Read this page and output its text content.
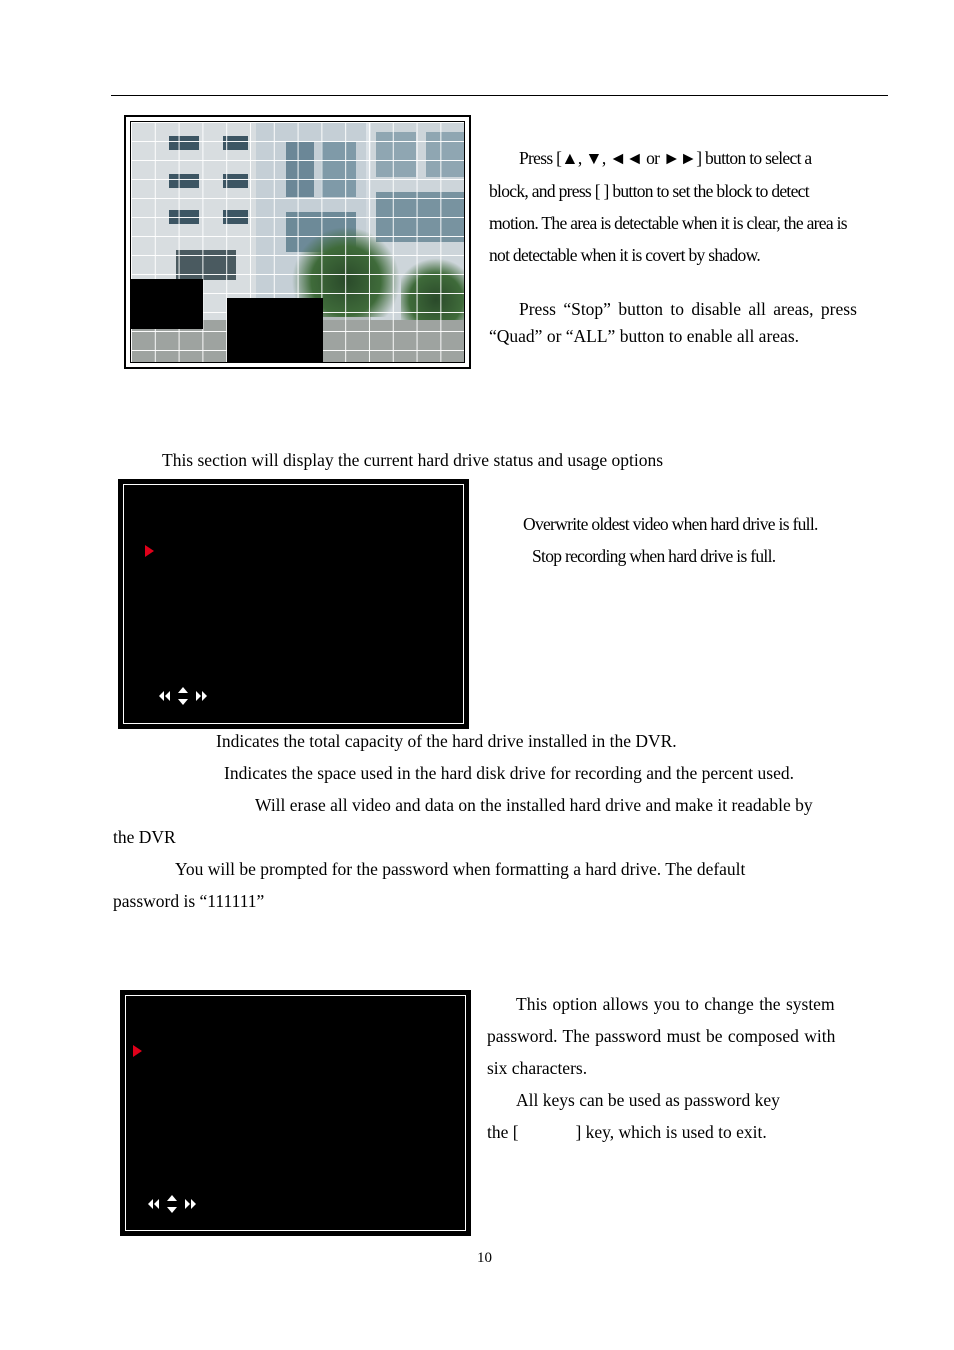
Press [▲, ▼, ◄◄ or ►►] button to select a

block, and press [ ] button to set the block to detect

motion. The area is detectable when it is clear, the area is

not detectable when it is covert by shadow.

Press “Stop” button to disable all areas, press

“Quad” or “ALL” button to enable all areas.

This section will display the current hard drive status and usage options

Overwrite oldest video when hard drive is full.

Stop recording when hard drive is full.

Indicates the total capacity of the hard drive installed in the DVR.

Indicates the space used in the hard disk drive for recording and the percent used.

Will erase all video and data on the installed hard drive and make it readable by

the DVR

You will be prompted for the password when formatting a hard drive. The default

password is “111111”

This option allows you to change the system

password. The password must be composed with

six characters.

All keys can be used as password key

the [             ] key, which is used to exit.

10
